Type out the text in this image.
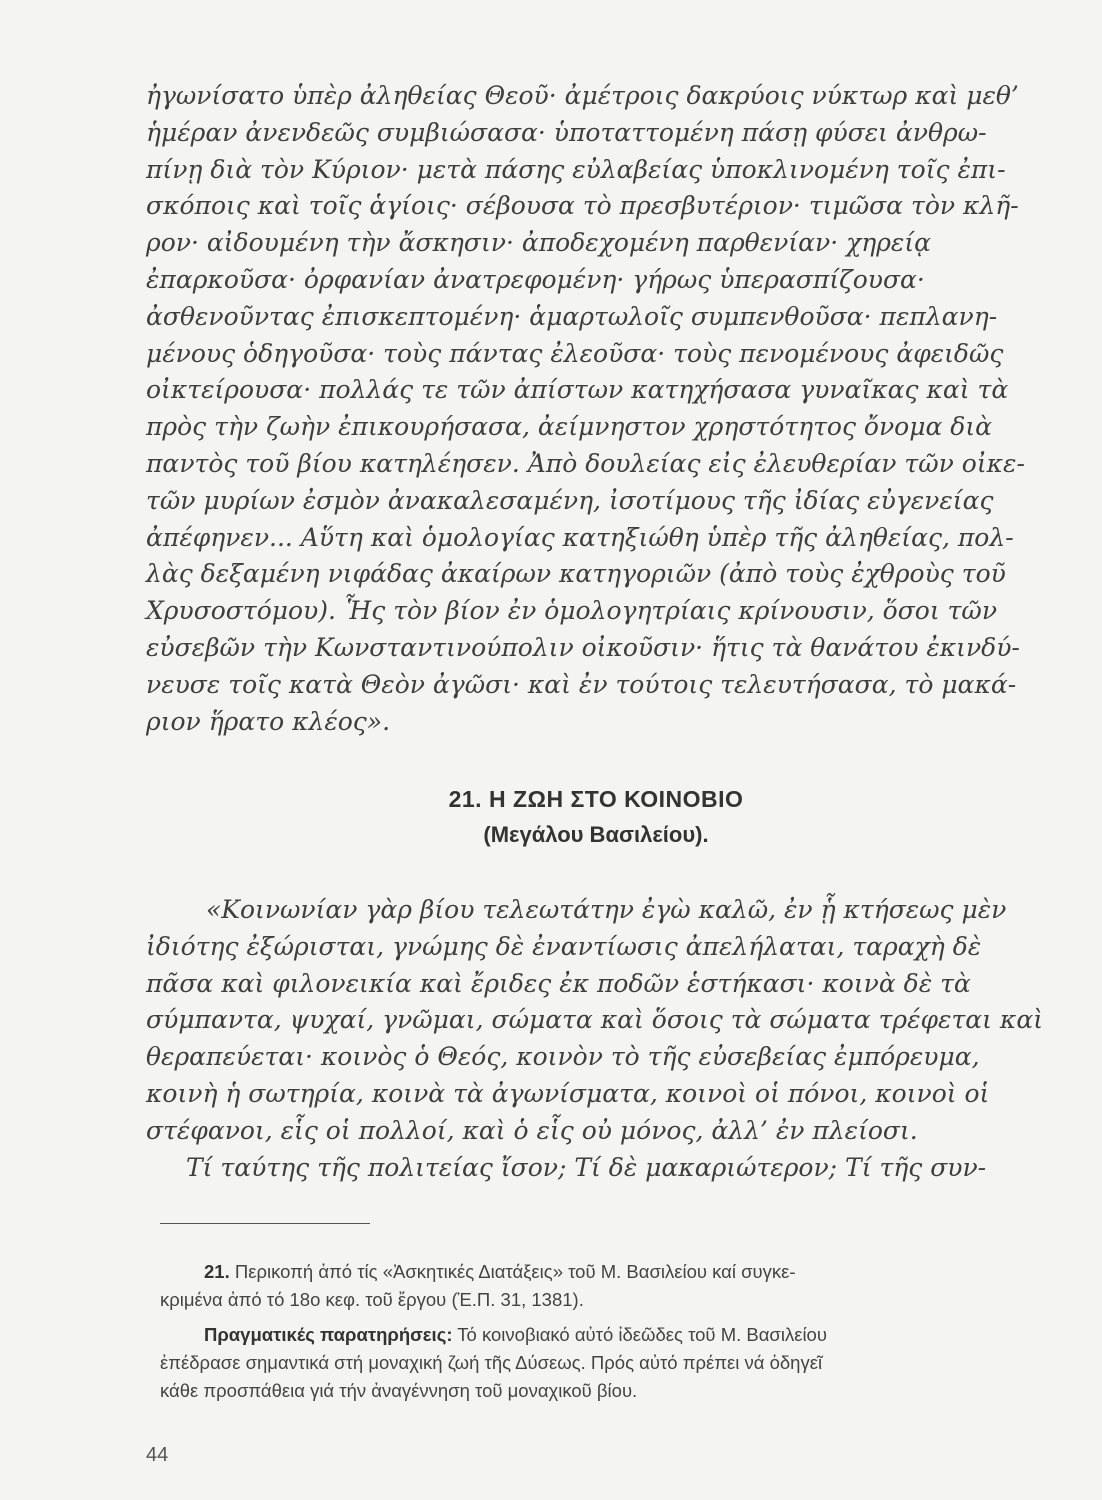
ἠγωνίσατο ὑπὲρ ἀληθείας Θεοῦ· ἀμέτροις δακρύοις νύκτωρ καὶ μεθ’
ἡμέραν ἀνενδεῶς συμβιώσασα· ὑποταττομένη πάσῃ φύσει ἀνθρω-
πίνῃ διὰ τὸν Κύριον· μετὰ πάσης εὐλαβείας ὑποκλινομένη τοῖς ἐπι-
σκόποις καὶ τοῖς ἁγίοις· σέβουσα τὸ πρεσβυτέριον· τιμῶσα τὸν κλῆ-
ρον· αἰδουμένη τὴν ἄσκησιν· ἀποδεχομένη παρθενίαν· χηρείᾳ
ἐπαρκοῦσα· ὀρφανίαν ἀνατρεφομένη· γήρως ὑπερασπίζουσα·
ἀσθενοῦντας ἐπισκεπτομένη· ἁμαρτωλοῖς συμπενθοῦσα· πεπλανη-
μένους ὁδηγοῦσα· τοὺς πάντας ἐλεοῦσα· τοὺς πενομένους ἀφειδῶς
οἰκτείρουσα· πολλάς τε τῶν ἀπίστων κατηχήσασα γυναῖκας καὶ τὰ
πρὸς τὴν ζωὴν ἐπικουρήσασα, ἀείμνηστον χρηστότητος ὄνομα διὰ
παντὸς τοῦ βίου κατηλέησεν. Ἀπὸ δουλείας εἰς ἐλευθερίαν τῶν οἰκε-
τῶν μυρίων ἐσμὸν ἀνακαλεσαμένη, ἰσοτίμους τῆς ἰδίας εὐγενείας
ἀπέφηνεν... Αὕτη καὶ ὁμολογίας κατηξιώθη ὑπὲρ τῆς ἀληθείας, πολ-
λὰς δεξαμένη νιφάδας ἀκαίρων κατηγοριῶν (ἀπὸ τοὺς ἐχθροὺς τοῦ
Χρυσοστόμου). Ἧς τὸν βίον ἐν ὁμολογητρίαις κρίνουσιν, ὅσοι τῶν
εὐσεβῶν τὴν Κωνσταντινούπολιν οἰκοῦσιν· ἥτις τὰ θανάτου ἐκινδύ-
νευσε τοῖς κατὰ Θεὸν ἀγῶσι· καὶ ἐν τούτοις τελευτήσασα, τὸ μακά-
ριον ἥρατο κλέος».
21. Η ΖΩΗ ΣΤΟ ΚΟΙΝΟΒΙΟ
(Μεγάλου Βασιλείου).
«Κοινωνίαν γὰρ βίου τελεωτάτην ἐγὼ καλῶ, ἐν ᾗ κτήσεως μὲν
ἰδιότης ἐξώρισται, γνώμης δὲ ἐναντίωσις ἀπελήλαται, ταραχὴ δὲ
πᾶσα καὶ φιλονεικία καὶ ἔριδες ἐκ ποδῶν ἑστήκασι· κοινὰ δὲ τὰ
σύμπαντα, ψυχαί, γνῶμαι, σώματα καὶ ὅσοις τὰ σώματα τρέφεται καὶ
θεραπεύεται· κοινὸς ὁ Θεός, κοινὸν τὸ τῆς εὐσεβείας ἐμπόρευμα,
κοινὴ ἡ σωτηρία, κοινὰ τὰ ἀγωνίσματα, κοινοὶ οἱ πόνοι, κοινοὶ οἱ
στέφανοι, εἷς οἱ πολλοί, καὶ ὁ εἷς οὐ μόνος, ἀλλ’ ἐν πλείοσι.
Τί ταύτης τῆς πολιτείας ἴσον; Τί δὲ μακαριώτερον; Τί τῆς συν-
21. Περικοπή ἀπό τίς «Ἀσκητικές Διατάξεις» τοῦ Μ. Βασιλείου καί συγκε-
κριμένα ἀπό τό 18ο κεφ. τοῦ ἔργου (Ἑ.Π. 31, 1381).
Πραγματικές παρατηρήσεις: Τό κοινοβιακό αὐτό ἰδεῶδες τοῦ Μ. Βασιλείου
ἐπέδρασε σημαντικά στή μοναχική ζωή τῆς Δύσεως. Πρός αὐτό πρέπει νά ὁδηγεῖ
κάθε προσπάθεια γιά τήν ἀναγέννηση τοῦ μοναχικοῦ βίου.
44
